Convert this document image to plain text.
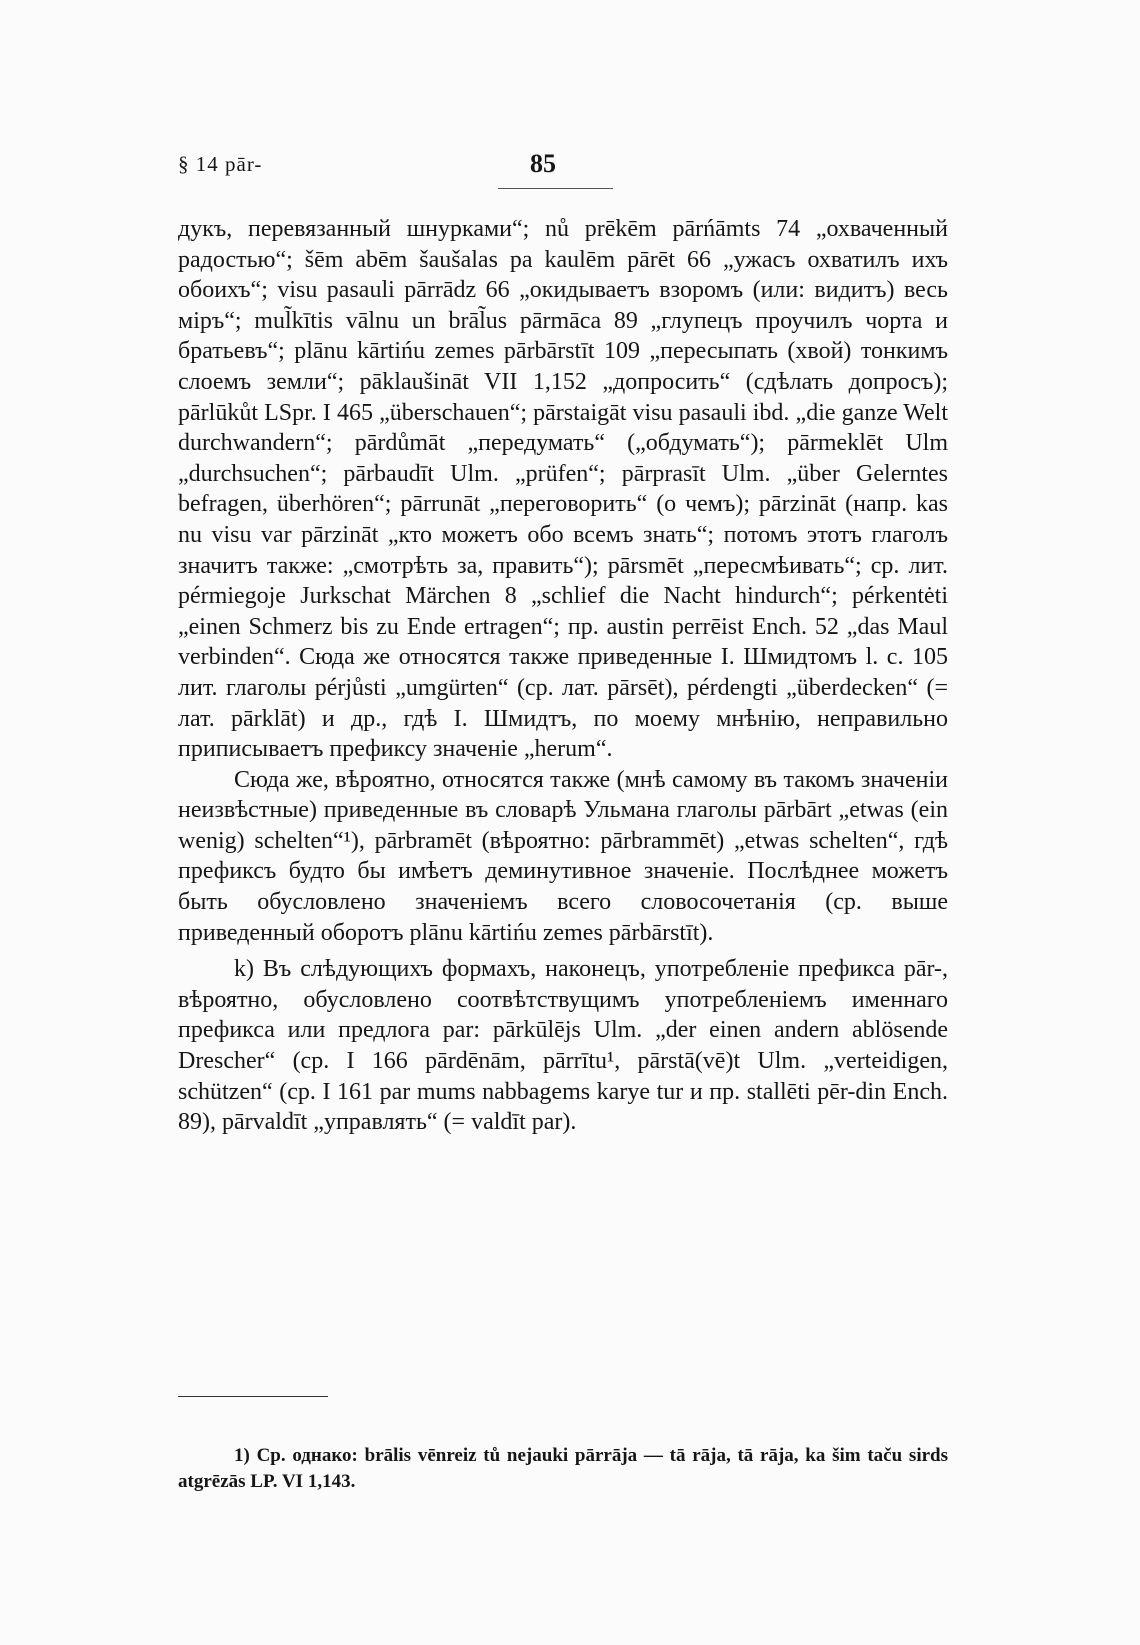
§ 14 pār-	85

дукъ, перевязанный шнурками“; nů prēkēm pārńāmts 74 „охваченный радостью“; šēm abēm šaušalas pa kaulēm pārēt 66 „ужасъ охватилъ ихъ обоихъ“; visu pasauli pārrādz 66 „окидываетъ взоромъ (или: видитъ) весь міръ“; mul̃kītis vālnu un brāl̃us pārmāca 89 „глупецъ проучилъ чорта и братьевъ“; plānu kārtińu zemes pārbārstīt 109 „пересыпать (хвой) тонкимъ слоемъ земли“; pāklaušināt VII 1,152 „допросить“ (сдѣлать допросъ); pārlūkůt LSpr. I 465 „überschauen“; pārstaigāt visu pasauli ibd. „die ganze Welt durchwandern“; pārdůmāt „передумать“ („обдумать“); pārmeklēt Ulm „durchsuchen“; pārbaudīt Ulm. „prüfen“; pārprasīt Ulm. „über Gelerntes befragen, überhören“; pārrunāt „переговорить“ (о чемъ); pārzināt (напр. kas nu visu var pārzināt „кто можетъ обо всемъ знать“; потомъ этотъ глаголъ значитъ также: „смотрѣть за, править“); pārsmēt „пересмѣивать“; ср. лит. pérmiegoje Jurkschat Märchen 8 „schlief die Nacht hindurch“; pérkentėti „einen Schmerz bis zu Ende ertragen“; пр. austin perrēist Ench. 52 „das Maul verbinden“. Сюда же относятся также приведенные I. Шмидтомъ l. c. 105 лит. глаголы pérjůsti „umgürten“ (ср. лат. pārsēt), pérdengti „überdecken“ (= лат. pārklāt) и др., гдѣ I. Шмидтъ, по моему мнѣнію, неправильно приписываетъ префиксу значеніе „herum“.

Сюда же, вѣроятно, относятся также (мнѣ самому въ такомъ значеніи неизвѣстные) приведенные въ словарѣ Ульмана глаголы pārbārt „etwas (ein wenig) schelten“¹), pārbramēt (вѣроятно: pārbrammēt) „etwas schelten“, гдѣ префиксъ будто бы имѣетъ деминутивное значеніе. Послѣднее можетъ быть обусловлено значеніемъ всего словосочетанія (ср. выше приведенный оборотъ plānu kārtińu zemes pārbārstīt).

k) Въ слѣдующихъ формахъ, наконецъ, употребленіе префикса pār-, вѣроятно, обусловлено соотвѣтствущимъ употребленіемъ именнаго префикса или предлога par: pārkūlējs Ulm. „der einen andern ablösende Drescher“ (ср. I 166 pārdēnām, pārrītu¹, pārstā(vē)t Ulm. „verteidigen, schützen“ (ср. I 161 par mums nabbagems karye tur и пр. stallēti pēr-din Ench. 89), pārvaldīt „управлять“ (= valdīt par).

1) Ср. однако: brālis vēnreiz tů nejauki pārrāja — tā rāja, tā rāja, ka šim taču sirds atgrēzās LP. VI 1,143.
